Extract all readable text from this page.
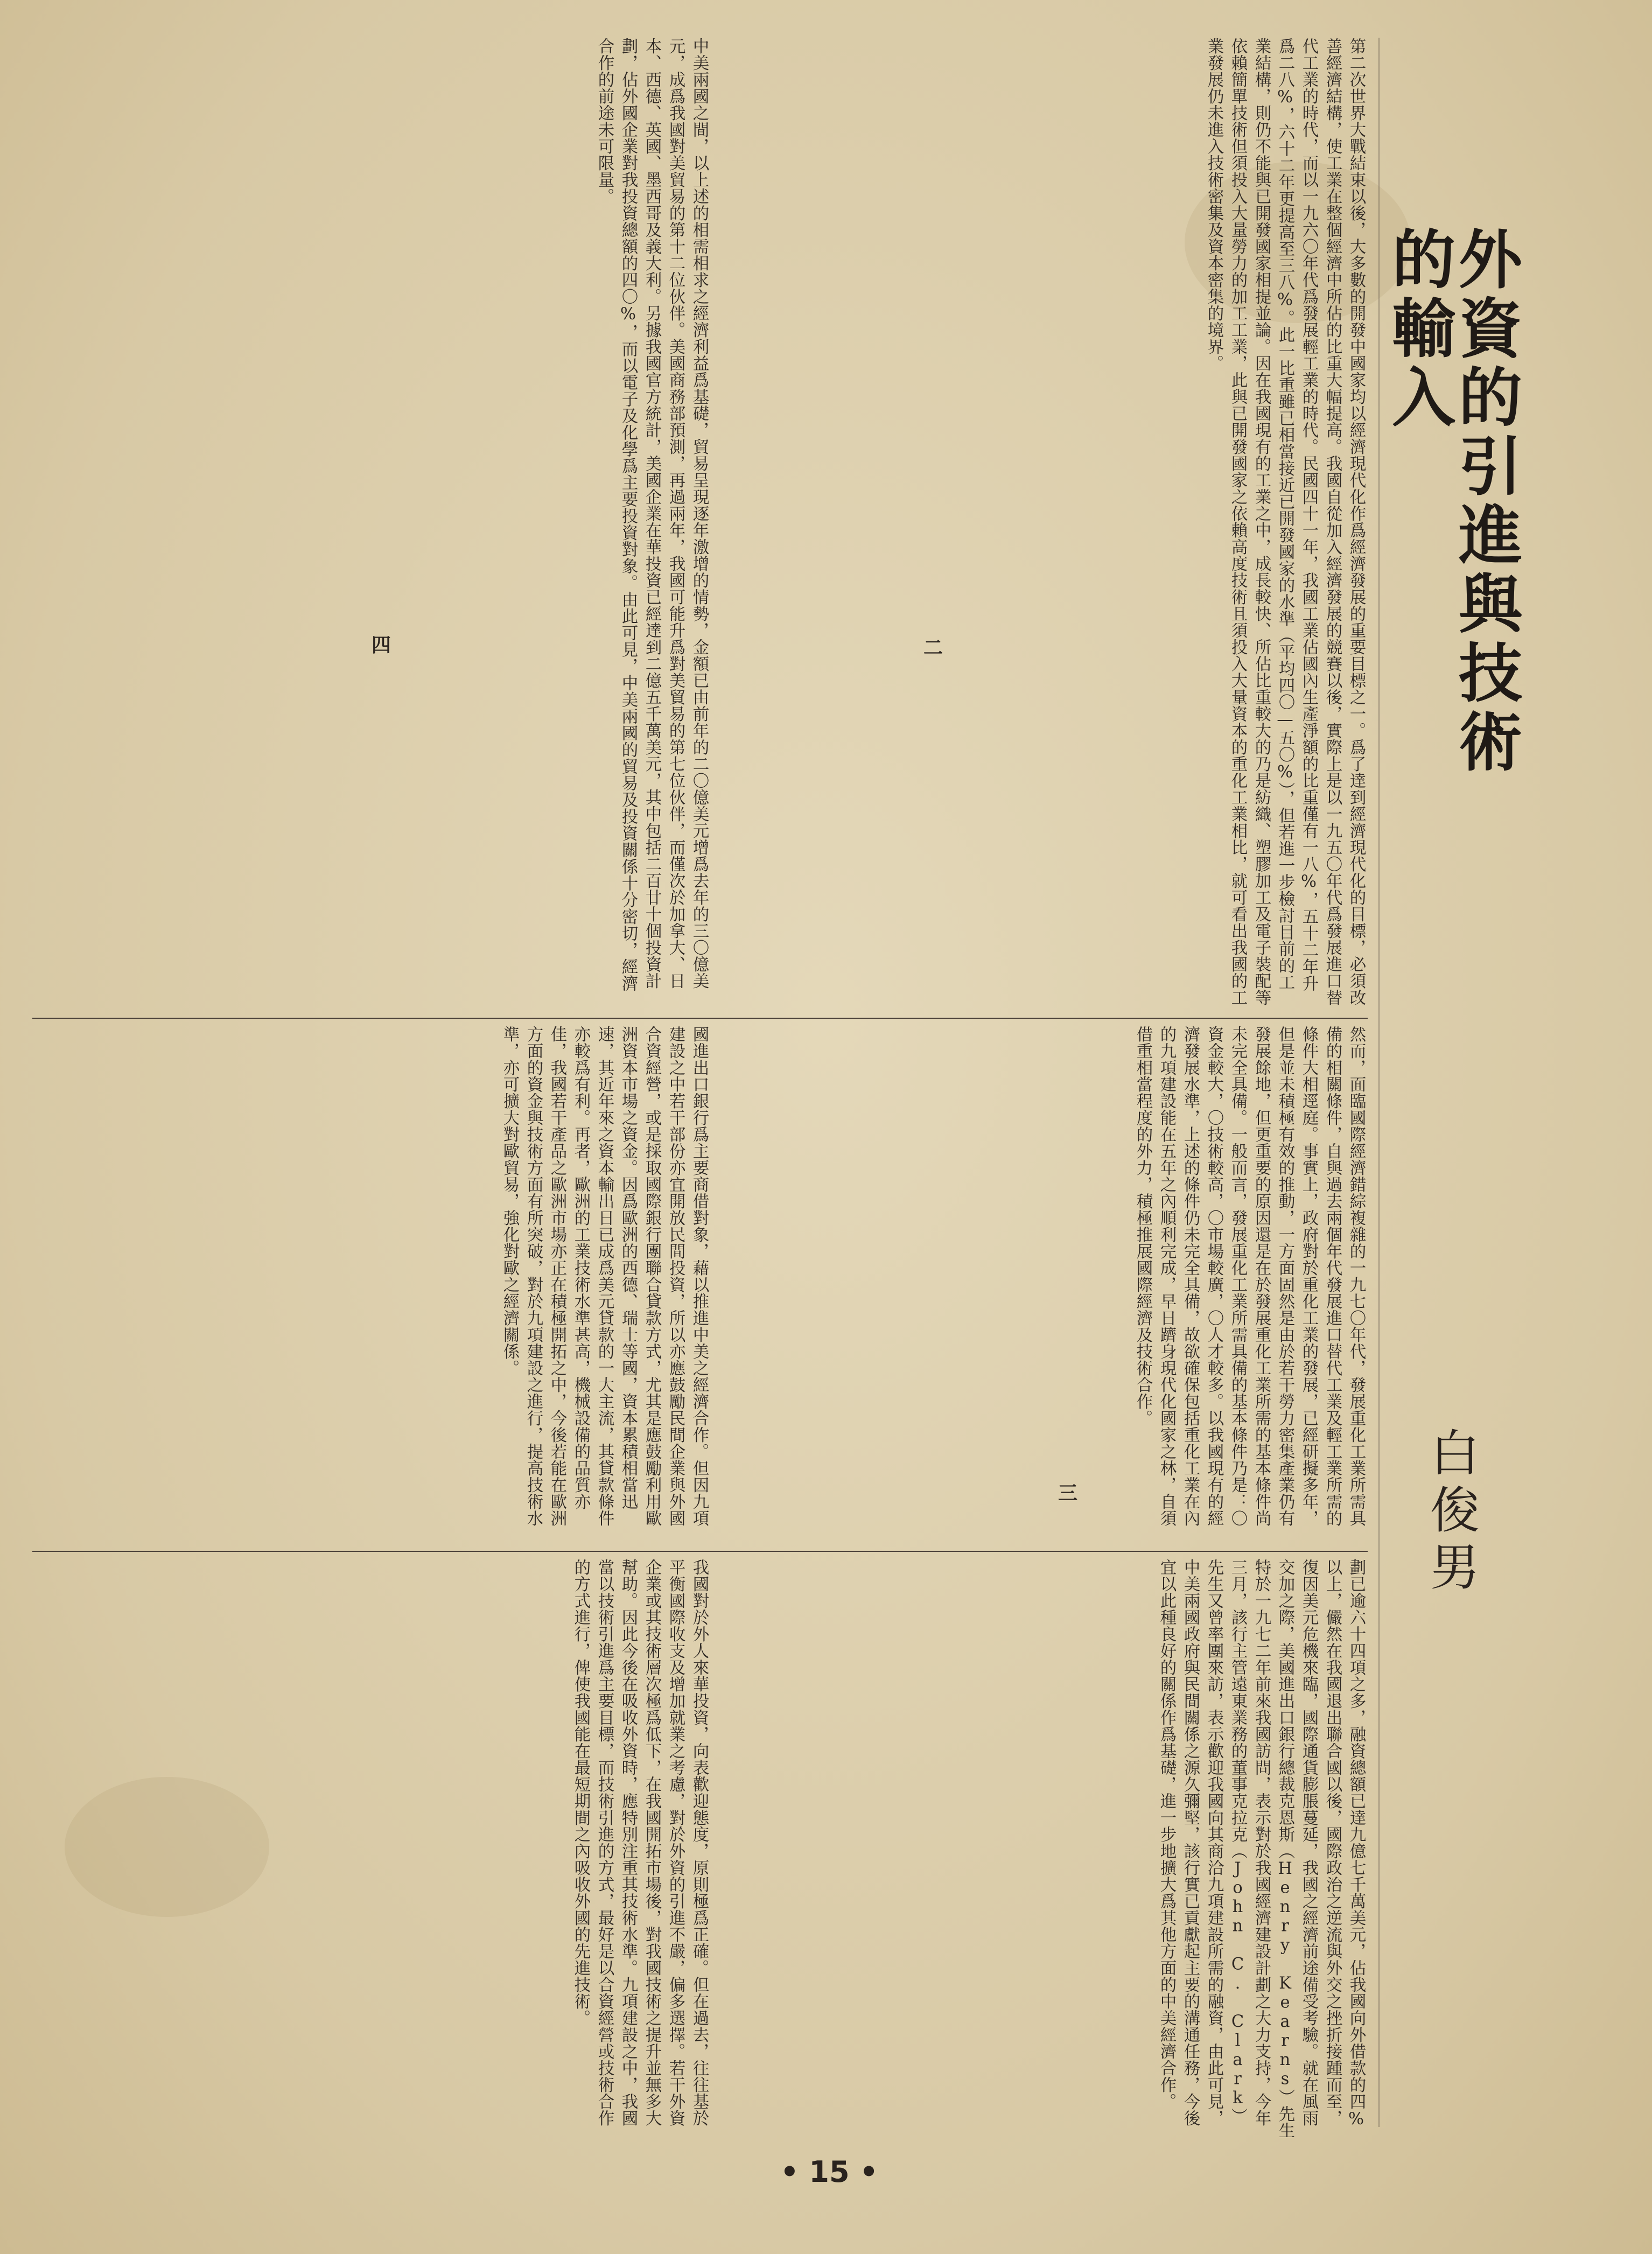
外資的引進與技術的輸入
第二次世界大戰結束以後，大多數的開發中國家均以經濟現代化作爲經濟發展的重要目標之一。爲了達到經濟現代化的目標，必須改善經濟結構，使工業在整個經濟中所佔的比重大幅提高。我國自從加入經濟發展的競賽以後，實際上是以一九五〇年代爲發展進口替代工業的時代，而以一九六〇年代爲發展輕工業的時代。民國四十一年，我國工業佔國內生產淨額的比重僅有一八%，五十二年升爲二八%，六十二年更提高至三八%。此一比重雖已相當接近已開發國家的水準（平均四〇—五〇%），但若進一步檢討目前的工業結構，則仍不能與已開發國家相提並論。因在我國現有的工業之中，成長較快、所佔比重較大的乃是紡織、塑膠加工及電子裝配等依賴簡單技術但須投入大量勞力的加工工業，此與已開發國家之依賴高度技術且須投入大量資本的重化工業相比，就可看出我國的工業發展仍未進入技術密集及資本密集的境界。
中美兩國之間，以上述的相需相求之經濟利益爲基礎，貿易呈現逐年激增的情勢，金額已由前年的二〇億美元增爲去年的三〇億美元，成爲我國對美貿易的第十二位伙伴。美國商務部預測，再過兩年，我國可能升爲對美貿易的第七位伙伴，而僅次於加拿大、日本、西德、英國、墨西哥及義大利。另據我國官方統計，美國企業在華投資已經達到二億五千萬美元，其中包括二百廿十個投資計劃，佔外國企業對我投資總額的四〇%，而以電子及化學爲主要投資對象。由此可見，中美兩國的貿易及投資關係十分密切，經濟合作的前途未可限量。
然而，面臨國際經濟錯綜複雜的一九七〇年代，發展重化工業所需具備的相關條件，自與過去兩個年代發展進口替代工業及輕工業所需的條件大相逕庭。事實上，政府對於重化工業的發展，已經研擬多年，但是並未積極有效的推動，一方面固然是由於若干勞力密集產業仍有發展餘地，但更重要的原因還是在於發展重化工業所需的基本條件尚未完全具備。一般而言，發展重化工業所需具備的基本條件乃是：〇資金較大，〇技術較高，〇市場較廣，〇人才較多。以我國現有的經濟發展水準，上述的條件仍未完全具備，故欲確保包括重化工業在內的九項建設能在五年之內順利完成，早日躋身現代化國家之林，自須借重相當程度的外力，積極推展國際經濟及技術合作。
二
國進出口銀行爲主要商借對象，藉以推進中美之經濟合作。但因九項建設之中若干部份亦宜開放民間投資，所以亦應鼓勵民間企業與外國合資經營，或是採取國際銀行團聯合貸款方式，尤其是應鼓勵利用歐洲資本市場之資金。因爲歐洲的西德、瑞士等國，資本累積相當迅速，其近年來之資本輸出日已成爲美元貸款的一大主流，其貸款條件亦較爲有利。再者，歐洲的工業技術水準甚高，機械設備的品質亦佳，我國若干產品之歐洲市場亦正在積極開拓之中，今後若能在歐洲方面的資金與技術方面有所突破，對於九項建設之進行，提高技術水準，亦可擴大對歐貿易，強化對歐之經濟關係。
四
劃已逾六十四項之多，融資總額已達九億七千萬美元，佔我國向外借款的四%以上，儼然在我國退出聯合國以後，國際政治之逆流與外交之挫折接踵而至，復因美元危機來臨，國際通貨膨脹蔓延，我國之經濟前途備受考驗。就在風雨交加之際，美國進出口銀行總裁克恩斯（Henry Kearns）先生特於一九七二年前來我國訪問，表示對於我國經濟建設計劃之大力支持，今年三月，該行主管遠東業務的董事克拉克（John C. Clark）先生又曾率團來訪，表示歡迎我國向其商洽九項建設所需的融資，由此可見，中美兩國政府與民間關係之源久彌堅，該行實已貢獻起主要的溝通任務，今後宜以此種良好的關係作爲基礎，進一步地擴大爲其他方面的中美經濟合作。
三
我國對於外人來華投資，向表歡迎態度，原則極爲正確。但在過去，往往基於平衡國際收支及增加就業之考慮，對於外資的引進不嚴，偏多選擇。若干外資企業或其技術層次極爲低下，在我國開拓市場後，對我國技術之提升並無多大幫助。因此今後在吸收外資時，應特別注重其技術水準。九項建設之中，我國當以技術引進爲主要目標，而技術引進的方式，最好是以合資經營或技術合作的方式進行，俾使我國能在最短期間之內吸收外國的先進技術。
白俊男
• 15 •
